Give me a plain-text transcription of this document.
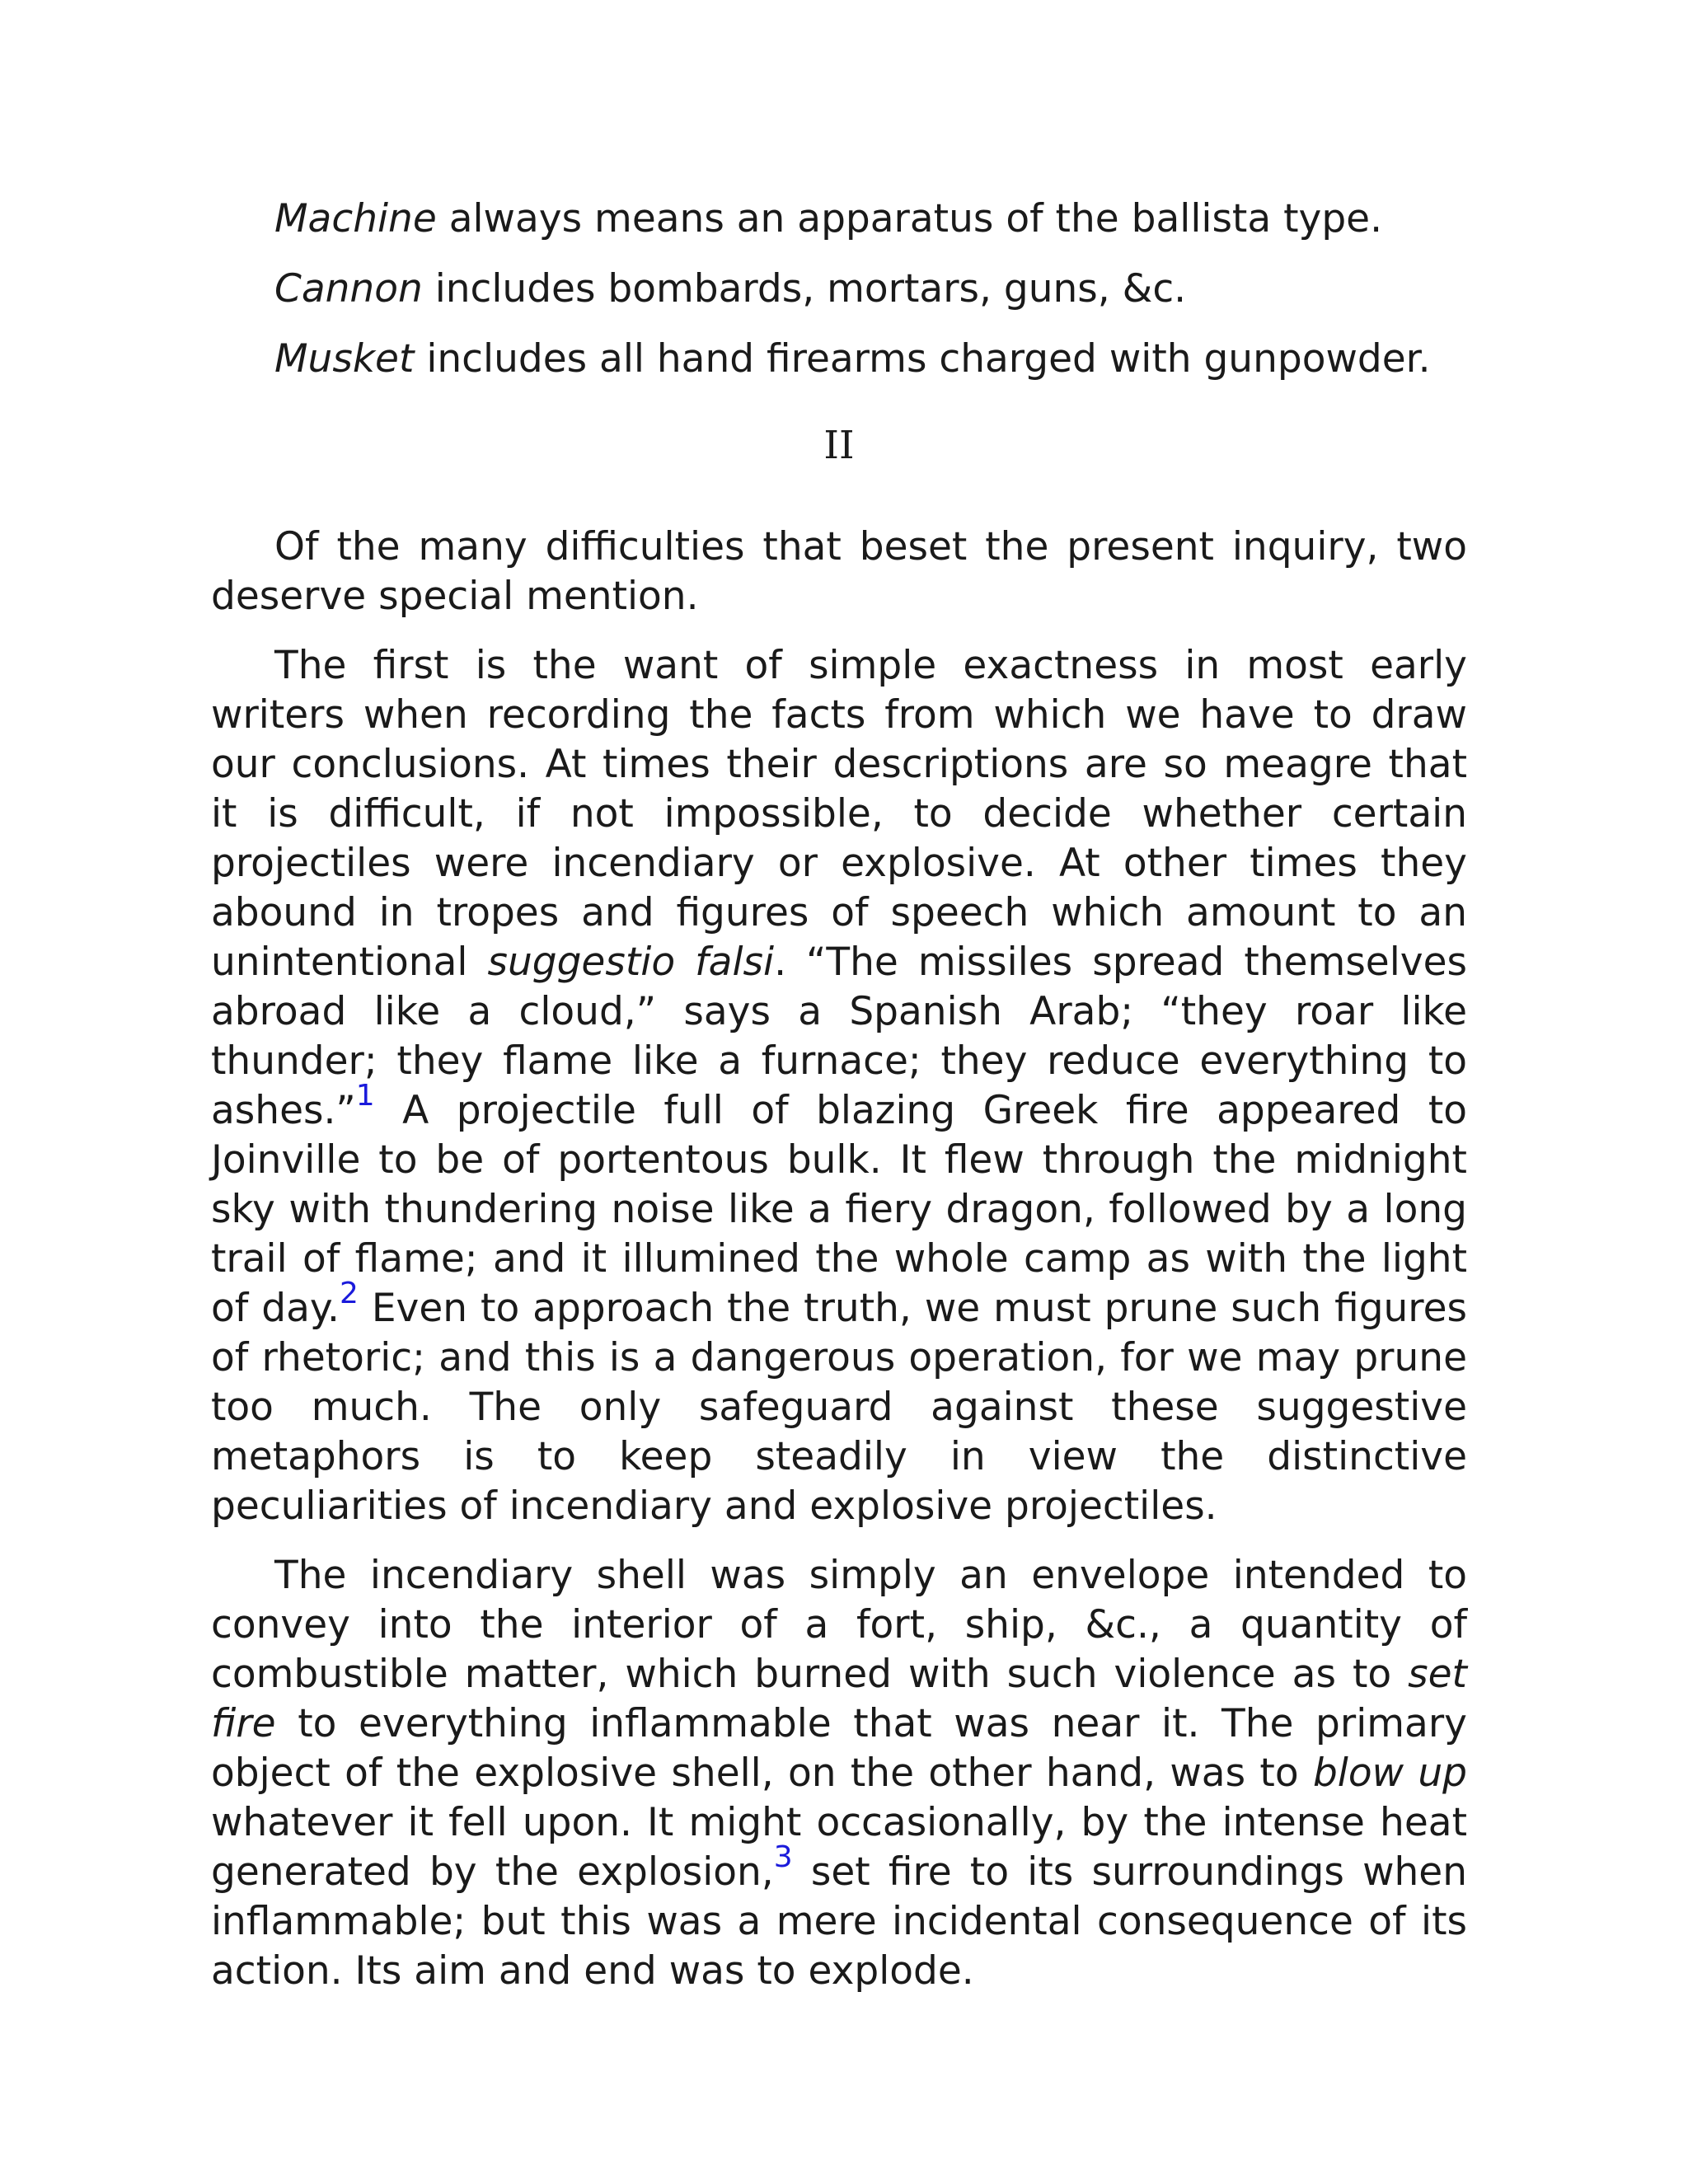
Machine always means an apparatus of the ballista type.

Cannon includes bombards, mortars, guns, &c.

Musket includes all hand firearms charged with gunpowder.

II

Of the many difficulties that beset the present inquiry, two deserve special mention.

The first is the want of simple exactness in most early writers when recording the facts from which we have to draw our conclusions. At times their descriptions are so meagre that it is difficult, if not impossible, to decide whether certain projectiles were incendiary or explosive. At other times they abound in tropes and figures of speech which amount to an unintentional suggestio falsi. “The missiles spread themselves abroad like a cloud,” says a Spanish Arab; “they roar like thunder; they flame like a furnace; they reduce everything to ashes.”$^1$ A projectile full of blazing Greek fire appeared to Joinville to be of portentous bulk. It flew through the midnight sky with thundering noise like a fiery dragon, followed by a long trail of flame; and it illumined the whole camp as with the light of day.$^2$ Even to approach the truth, we must prune such figures of rhetoric; and this is a dangerous operation, for we may prune too much. The only safeguard against these suggestive metaphors is to keep steadily in view the distinctive peculiarities of incendiary and explosive projectiles.

The incendiary shell was simply an envelope intended to convey into the interior of a fort, ship, &c., a quantity of combustible matter, which burned with such violence as to set fire to everything inflammable that was near it. The primary object of the explosive shell, on the other hand, was to blow up whatever it fell upon. It might occasionally, by the intense heat generated by the explosion,$^3$ set fire to its surroundings when inflammable; but this was a mere incidental consequence of its action. Its aim and end was to explode.
